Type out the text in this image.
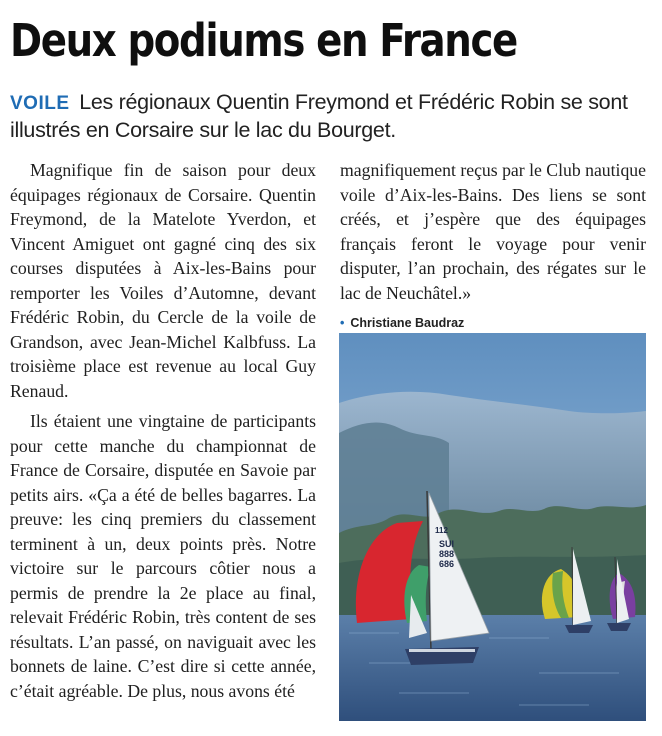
Deux podiums en France
VOILE Les régionaux Quentin Freymond et Frédéric Robin se sont illustrés en Corsaire sur le lac du Bourget.

Magnifique fin de saison pour deux équipages régionaux de Corsaire. Quentin Freymond, de la Matelote Yverdon, et Vincent Amiguet ont gagné cinq des six courses disputées à Aix-les-Bains pour remporter les Voiles d’Automne, devant Frédéric Robin, du Cercle de la voile de Grandson, avec Jean-Michel Kalbfuss. La troisième place est revenue au local Guy Renaud.

Ils étaient une vingtaine de participants pour cette manche du championnat de France de Corsaire, disputée en Savoie par petits airs. «Ça a été de belles bagarres. La preuve: les cinq premiers du classement terminent à un, deux points près. Notre victoire sur le parcours côtier nous a permis de prendre la 2e place au final, relevait Frédéric Robin, très content de ses résultats. L’an passé, on naviguait avec les bonnets de laine. C’est dire si cette année, c’était agréable. De plus, nous avons été

magnifiquement reçus par le Club nautique voile d’Aix-les-Bains. Des liens se sont créés, et j’espère que des équipages français feront le voyage pour venir disputer, l’an prochain, des régates sur le lac de Neuchâtel.»

• Christiane Baudraz
SUI
888
686
112
